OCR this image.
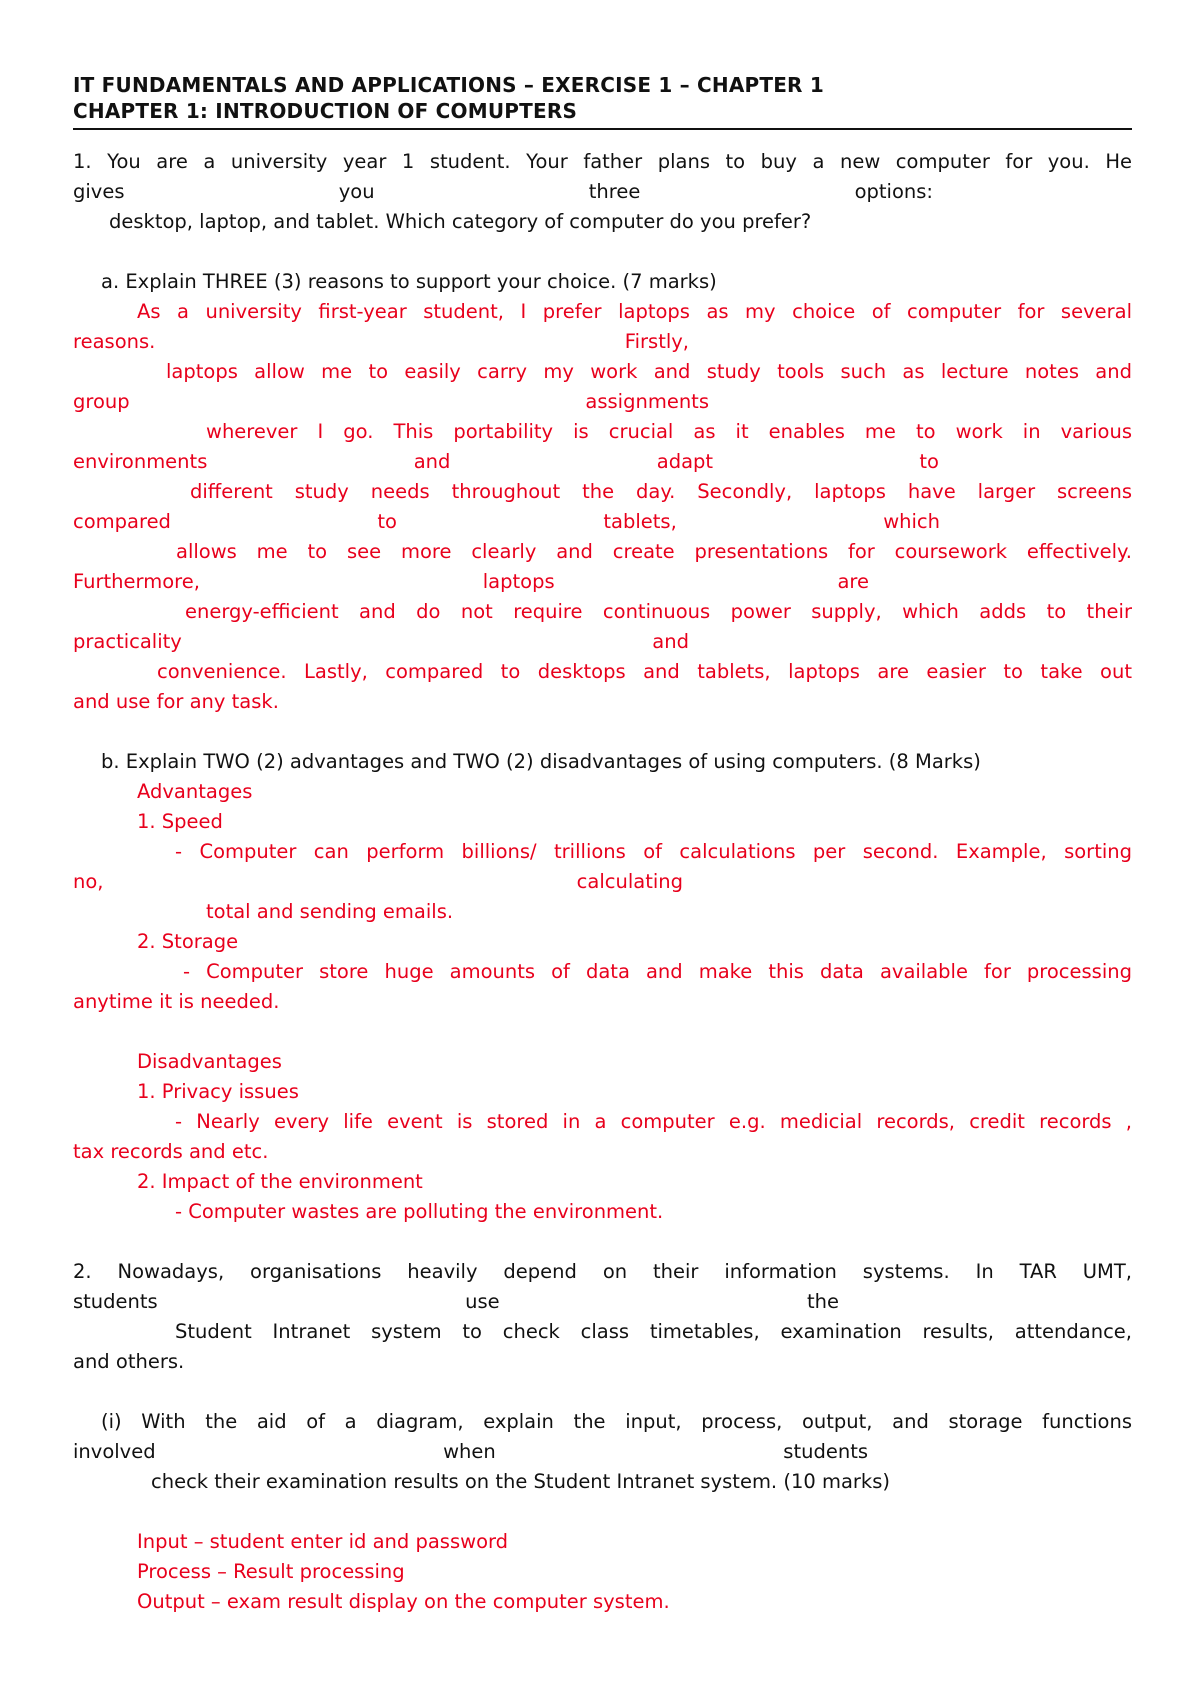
IT FUNDAMENTALS AND APPLICATIONS – EXERCISE 1 – CHAPTER 1
CHAPTER 1: INTRODUCTION OF COMUPTERS
1. You are a university year 1 student. Your father plans to buy a new computer for you. He
gives you three options:
desktop, laptop, and tablet. Which category of computer do you prefer?
a. Explain THREE (3) reasons to support your choice. (7 marks)
As a university first-year student, I prefer laptops as my choice of computer for several
reasons. Firstly,
laptops allow me to easily carry my work and study tools such as lecture notes and
group assignments
wherever I go. This portability is crucial as it enables me to work in various
environments and adapt to
different study needs throughout the day. Secondly, laptops have larger screens
compared to tablets, which
allows me to see more clearly and create presentations for coursework effectively.
Furthermore, laptops are
energy-efficient and do not require continuous power supply, which adds to their
practicality and
convenience. Lastly, compared to desktops and tablets, laptops are easier to take out
and use for any task.
b. Explain TWO (2) advantages and TWO (2) disadvantages of using computers. (8 Marks)
Advantages
1. Speed
- Computer can perform billions/ trillions of calculations per second. Example, sorting
no, calculating
total and sending emails.
2. Storage
- Computer store huge amounts of data and make this data available for processing
anytime it is needed.
Disadvantages
1. Privacy issues
- Nearly every life event is stored in a computer e.g. medicial records, credit records ,
tax records and etc.
2. Impact of the environment
- Computer wastes are polluting the environment.
2. Nowadays, organisations heavily depend on their information systems. In TAR UMT,
students use the
Student Intranet system to check class timetables, examination results, attendance,
and others.
(i) With the aid of a diagram, explain the input, process, output, and storage functions
involved when students
check their examination results on the Student Intranet system. (10 marks)
Input – student enter id and password
Process – Result processing
Output – exam result display on the computer system.
